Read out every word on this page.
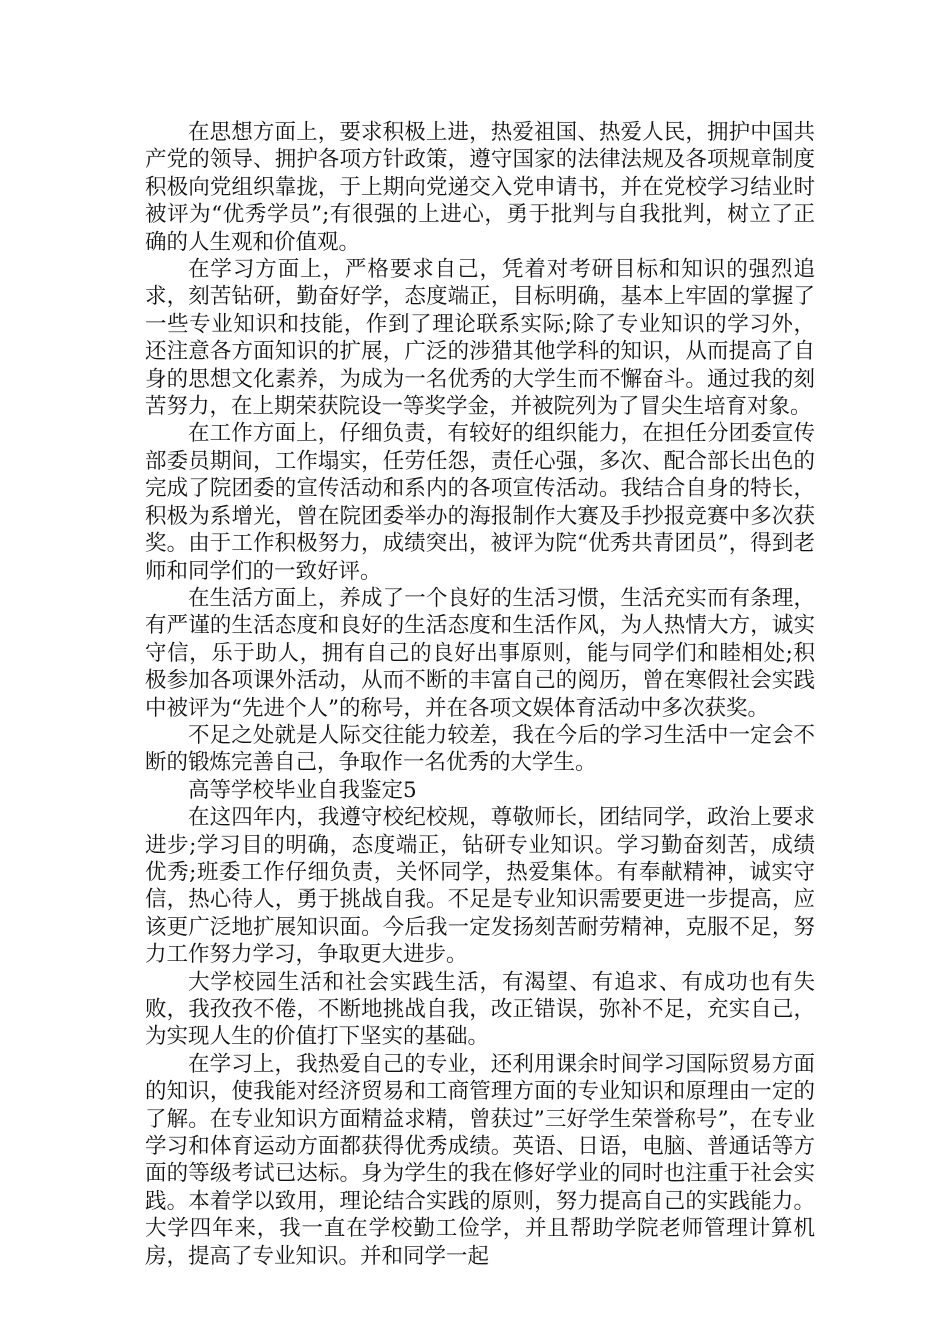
在思想方面上，要求积极上进，热爱祖国、热爱人民，拥护中国共产党的领导、拥护各项方针政策，遵守国家的法律法规及各项规章制度积极向党组织靠拢，于上期向党递交入党申请书，并在党校学习结业时被评为“优秀学员”;有很强的上进心，勇于批判与自我批判，树立了正确的人生观和价值观。

在学习方面上，严格要求自己，凭着对考研目标和知识的强烈追求，刻苦钻研，勤奋好学，态度端正，目标明确，基本上牢固的掌握了一些专业知识和技能，作到了理论联系实际;除了专业知识的学习外，还注意各方面知识的扩展，广泛的涉猎其他学科的知识，从而提高了自身的思想文化素养，为成为一名优秀的大学生而不懈奋斗。通过我的刻苦努力，在上期荣获院设一等奖学金，并被院列为了冒尖生培育对象。

在工作方面上，仔细负责，有较好的组织能力，在担任分团委宣传部委员期间，工作塌实，任劳任怨，责任心强，多次、配合部长出色的完成了院团委的宣传活动和系内的各项宣传活动。我结合自身的特长，积极为系增光，曾在院团委举办的海报制作大赛及手抄报竞赛中多次获奖。由于工作积极努力，成绩突出，被评为院“优秀共青团员”，得到老师和同学们的一致好评。

在生活方面上，养成了一个良好的生活习惯，生活充实而有条理，有严谨的生活态度和良好的生活态度和生活作风，为人热情大方，诚实守信，乐于助人，拥有自己的良好出事原则，能与同学们和睦相处;积极参加各项课外活动，从而不断的丰富自己的阅历，曾在寒假社会实践中被评为“先进个人”的称号，并在各项文娱体育活动中多次获奖。

不足之处就是人际交往能力较差，我在今后的学习生活中一定会不断的锻炼完善自己，争取作一名优秀的大学生。

高等学校毕业自我鉴定5

在这四年内，我遵守校纪校规，尊敬师长，团结同学，政治上要求进步;学习目的明确，态度端正，钻研专业知识。学习勤奋刻苦，成绩优秀;班委工作仔细负责，关怀同学，热爱集体。有奉献精神，诚实守信，热心待人，勇于挑战自我。不足是专业知识需要更进一步提高，应该更广泛地扩展知识面。今后我一定发扬刻苦耐劳精神，克服不足，努力工作努力学习，争取更大进步。

大学校园生活和社会实践生活，有渴望、有追求、有成功也有失败，我孜孜不倦，不断地挑战自我，改正错误，弥补不足，充实自己，为实现人生的价值打下坚实的基础。

在学习上，我热爱自己的专业，还利用课余时间学习国际贸易方面的知识，使我能对经济贸易和工商管理方面的专业知识和原理由一定的了解。在专业知识方面精益求精，曾获过”三好学生荣誉称号”，在专业学习和体育运动方面都获得优秀成绩。英语、日语，电脑、普通话等方面的等级考试已达标。身为学生的我在修好学业的同时也注重于社会实践。本着学以致用，理论结合实践的原则，努力提高自己的实践能力。大学四年来，我一直在学校勤工俭学，并且帮助学院老师管理计算机房，提高了专业知识。并和同学一起
